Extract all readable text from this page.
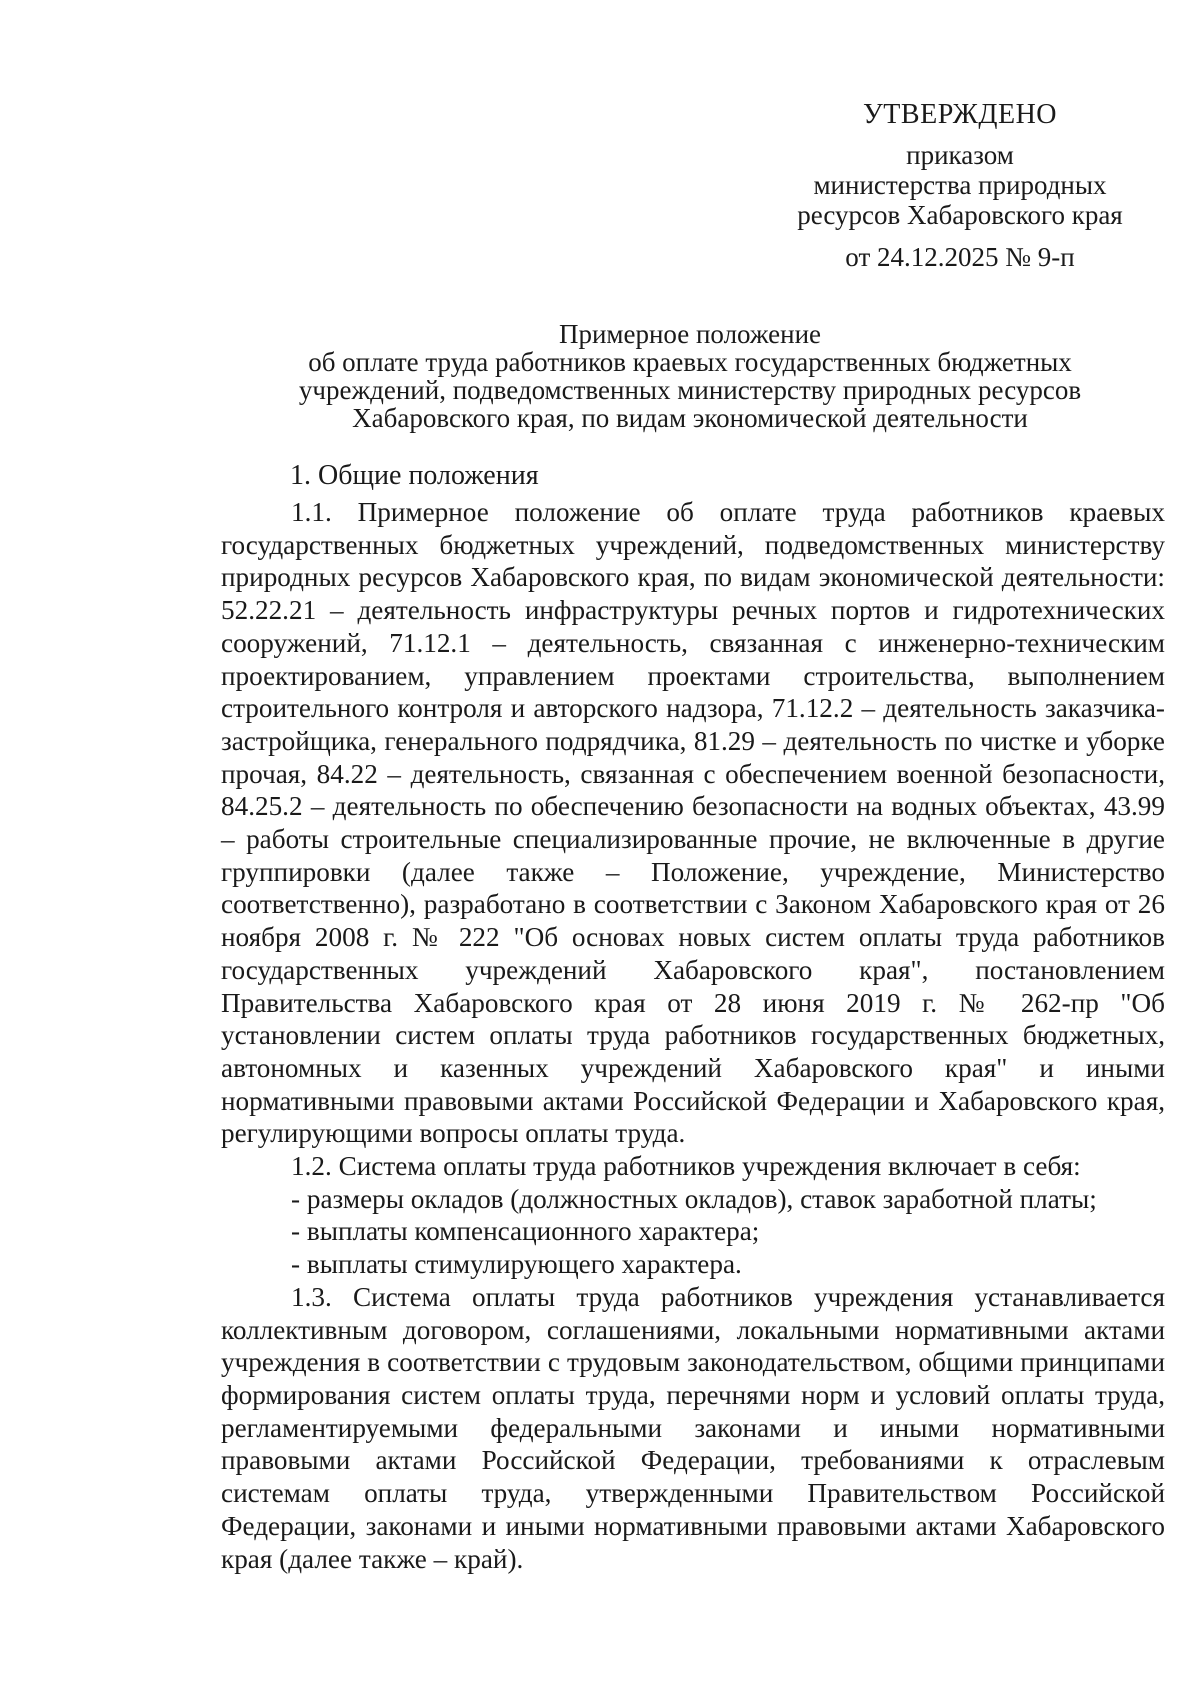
УТВЕРЖДЕНО
приказом
министерства природных
ресурсов Хабаровского края
от 24.12.2025 № 9-п
Примерное положение
об оплате труда работников краевых государственных бюджетных
учреждений, подведомственных министерству природных ресурсов
Хабаровского края, по видам экономической деятельности
1. Общие положения

1.1. Примерное положение об оплате труда работников краевых государственных бюджетных учреждений, подведомственных министерству природных ресурсов Хабаровского края, по видам экономической деятельности: 52.22.21 – деятельность инфраструктуры речных портов и гидротехнических сооружений, 71.12.1 – деятельность, связанная с инженерно-техническим проектированием, управлением проектами строительства, выполнением строительного контроля и авторского надзора, 71.12.2 – деятельность заказчика-застройщика, генерального подрядчика, 81.29 – деятельность по чистке и уборке прочая, 84.22 – деятельность, связанная с обеспечением военной безопасности, 84.25.2 – деятельность по обеспечению безопасности на водных объектах, 43.99 – работы строительные специализированные прочие, не включенные в другие группировки (далее также – Положение, учреждение, Министерство соответственно), разработано в соответствии с Законом Хабаровского края от 26 ноября 2008 г. № 222 "Об основах новых систем оплаты труда работников государственных учреждений Хабаровского края", постановлением Правительства Хабаровского края от 28 июня 2019 г. № 262-пр "Об установлении систем оплаты труда работников государственных бюджетных, автономных и казенных учреждений Хабаровского края" и иными нормативными правовыми актами Российской Федерации и Хабаровского края, регулирующими вопросы оплаты труда.

1.2. Система оплаты труда работников учреждения включает в себя:

- размеры окладов (должностных окладов), ставок заработной платы;

- выплаты компенсационного характера;

- выплаты стимулирующего характера.

1.3. Система оплаты труда работников учреждения устанавливается коллективным договором, соглашениями, локальными нормативными актами учреждения в соответствии с трудовым законодательством, общими принципами формирования систем оплаты труда, перечнями норм и условий оплаты труда, регламентируемыми федеральными законами и иными нормативными правовыми актами Российской Федерации, требованиями к отраслевым системам оплаты труда, утвержденными Правительством Российской Федерации, законами и иными нормативными правовыми актами Хабаровского края (далее также – край).
